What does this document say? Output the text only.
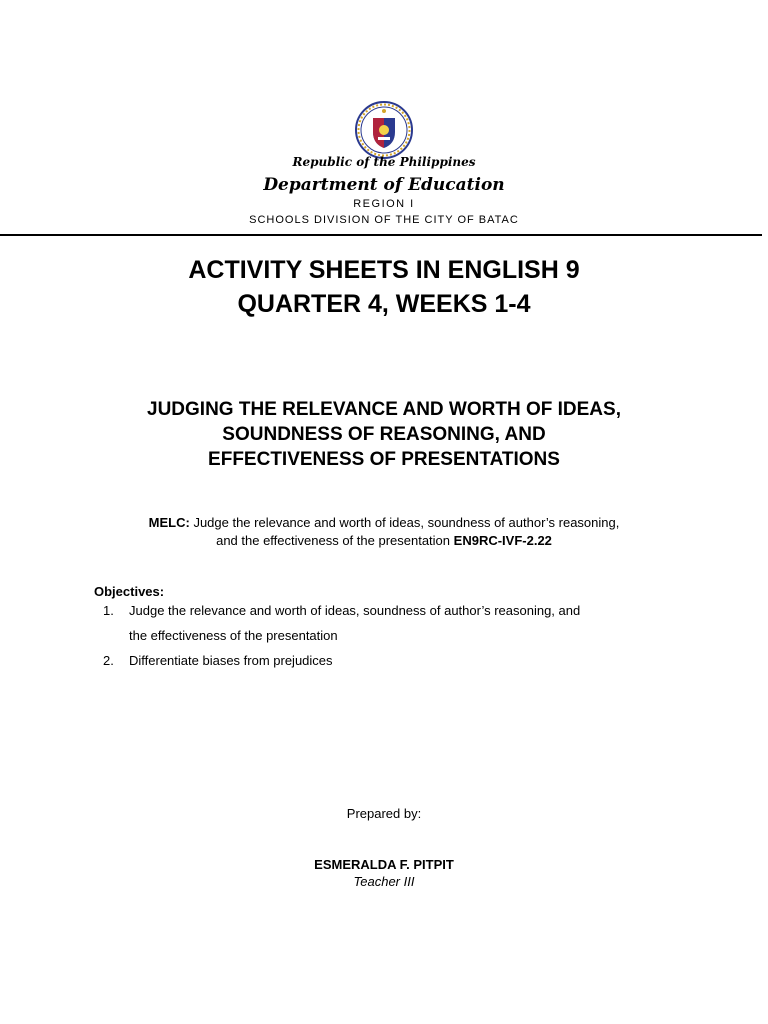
Republic of the Philippines
Department of Education
REGION I
SCHOOLS DIVISION OF THE CITY OF BATAC
ACTIVITY SHEETS IN ENGLISH 9
QUARTER 4, WEEKS 1-4
JUDGING THE RELEVANCE AND WORTH OF IDEAS,
SOUNDNESS OF REASONING, AND
EFFECTIVENESS OF PRESENTATIONS
MELC: Judge the relevance and worth of ideas, soundness of author’s reasoning,
and the effectiveness of the presentation EN9RC-IVF-2.22
Objectives:
1. Judge the relevance and worth of ideas, soundness of author’s reasoning, and
the effectiveness of the presentation
2. Differentiate biases from prejudices
Prepared by:
ESMERALDA F. PITPIT
Teacher III
